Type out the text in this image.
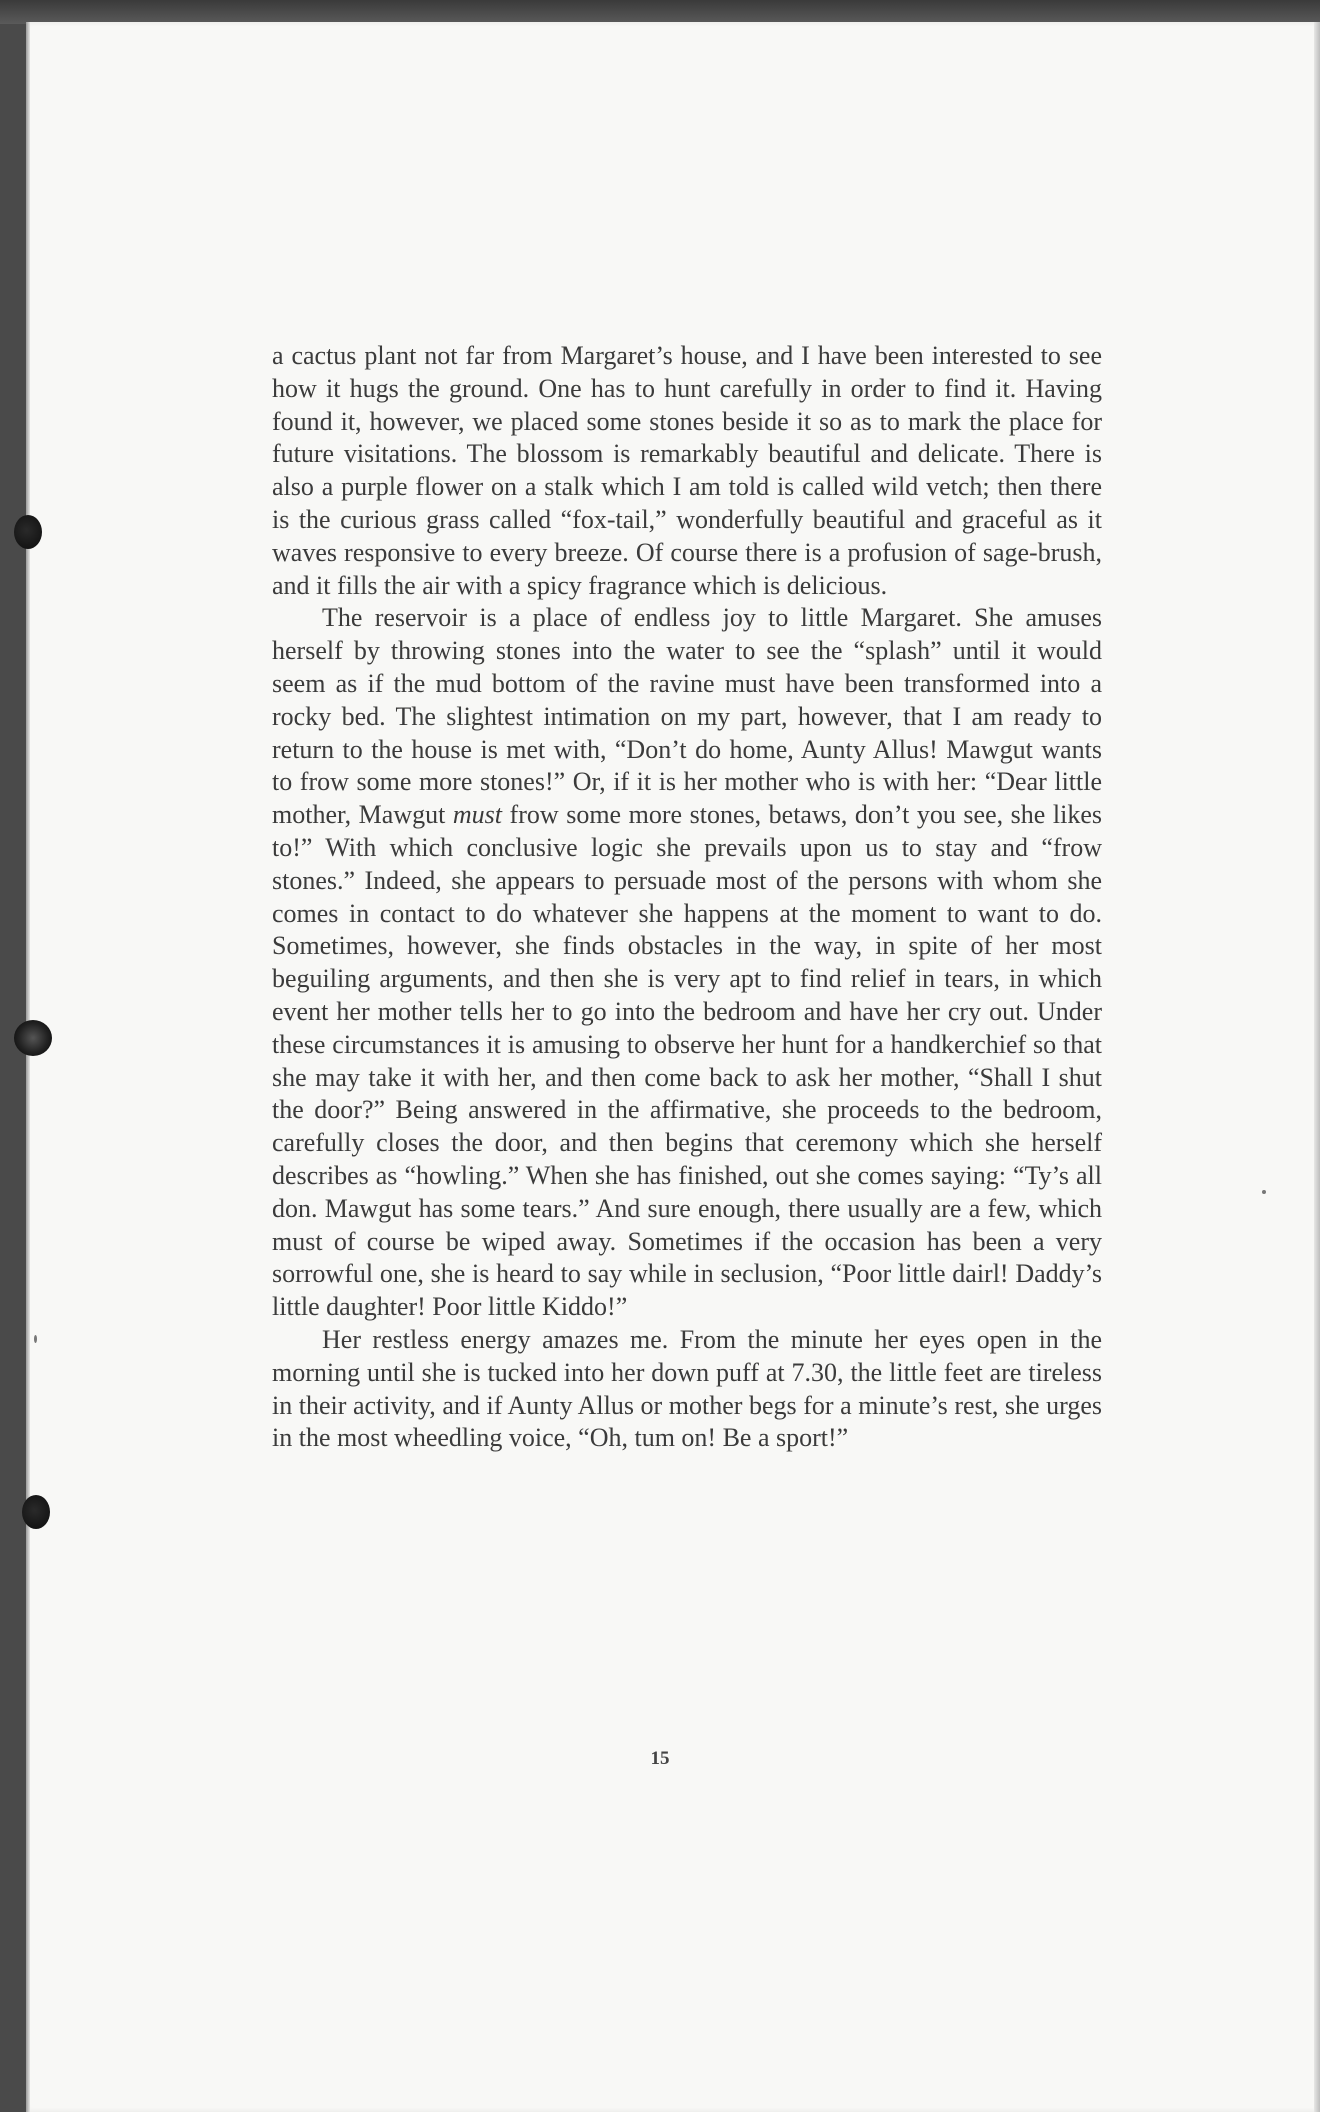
a cactus plant not far from Margaret’s house, and I have been interested to see how it hugs the ground. One has to hunt carefully in order to find it. Having found it, however, we placed some stones beside it so as to mark the place for future visitations. The blossom is remarkably beautiful and delicate. There is also a purple flower on a stalk which I am told is called wild vetch; then there is the curious grass called “fox-tail,” wonderfully beautiful and graceful as it waves responsive to every breeze. Of course there is a profusion of sage-brush, and it fills the air with a spicy fragrance which is delicious.

The reservoir is a place of endless joy to little Margaret. She amuses herself by throwing stones into the water to see the “splash” until it would seem as if the mud bottom of the ravine must have been transformed into a rocky bed. The slightest intimation on my part, however, that I am ready to return to the house is met with, “Don’t do home, Aunty Allus! Mawgut wants to frow some more stones!” Or, if it is her mother who is with her: “Dear little mother, Mawgut must frow some more stones, betaws, don’t you see, she likes to!” With which conclusive logic she prevails upon us to stay and “frow stones.” Indeed, she appears to persuade most of the persons with whom she comes in contact to do whatever she happens at the moment to want to do. Sometimes, however, she finds obstacles in the way, in spite of her most beguiling arguments, and then she is very apt to find relief in tears, in which event her mother tells her to go into the bedroom and have her cry out. Under these circumstances it is amusing to observe her hunt for a handkerchief so that she may take it with her, and then come back to ask her mother, “Shall I shut the door?” Being answered in the affirmative, she proceeds to the bedroom, carefully closes the door, and then begins that ceremony which she herself describes as “howling.” When she has finished, out she comes saying: “Ty’s all don. Mawgut has some tears.” And sure enough, there usually are a few, which must of course be wiped away. Sometimes if the occasion has been a very sorrowful one, she is heard to say while in seclusion, “Poor little dairl! Daddy’s little daughter! Poor little Kiddo!”

Her restless energy amazes me. From the minute her eyes open in the morning until she is tucked into her down puff at 7.30, the little feet are tireless in their activity, and if Aunty Allus or mother begs for a minute’s rest, she urges in the most wheedling voice, “Oh, tum on! Be a sport!”

15
